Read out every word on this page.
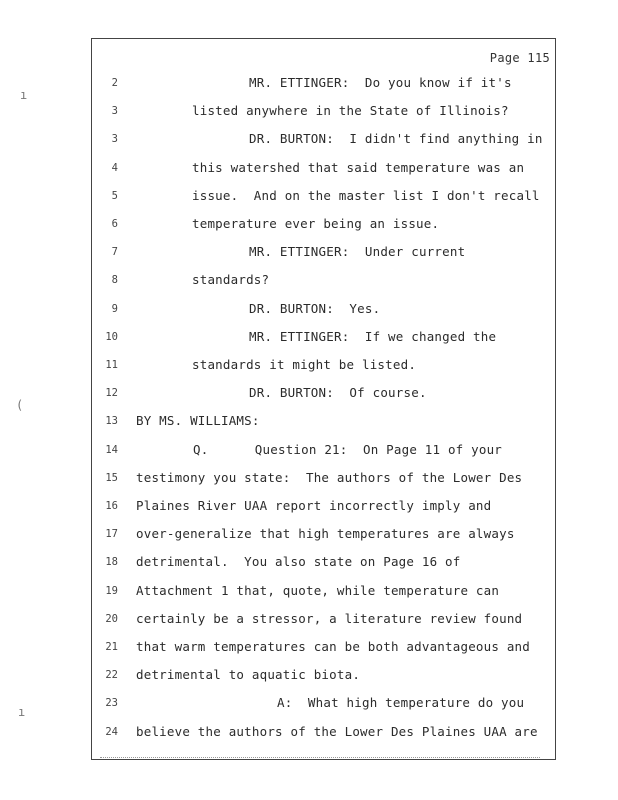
Page 115
2	MR. ETTINGER:  Do you know if it's
3	listed anywhere in the State of Illinois?
3	DR. BURTON:  I didn't find anything in
4	this watershed that said temperature was an
5	issue.  And on the master list I don't recall
6	temperature ever being an issue.
7	MR. ETTINGER:  Under current
8	standards?
9	DR. BURTON:  Yes.
10	MR. ETTINGER:  If we changed the
11	standards it might be listed.
12	DR. BURTON:  Of course.
13 BY MS. WILLIAMS:
14	Q.      Question 21:  On Page 11 of your
15 testimony you state:  The authors of the Lower Des
16 Plaines River UAA report incorrectly imply and
17 over-generalize that high temperatures are always
18 detrimental.  You also state on Page 16 of
19 Attachment 1 that, quote, while temperature can
20 certainly be a stressor, a literature review found
21 that warm temperatures can be both advantageous and
22 detrimental to aquatic biota.
23	A:  What high temperature do you
24 believe the authors of the Lower Des Plaines UAA are
ı
(
ı
